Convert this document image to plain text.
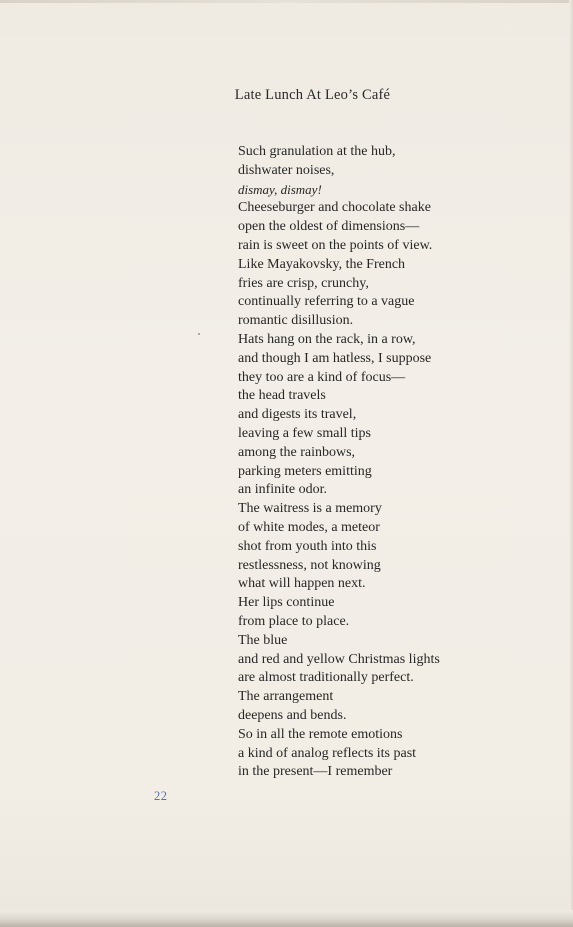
Late Lunch At Leo’s Café
Such granulation at the hub,
dishwater noises,
dismay, dismay!
Cheeseburger and chocolate shake
open the oldest of dimensions—
rain is sweet on the points of view.
Like Mayakovsky, the French
fries are crisp, crunchy,
continually referring to a vague
romantic disillusion.
Hats hang on the rack, in a row,
and though I am hatless, I suppose
they too are a kind of focus—
the head travels
and digests its travel,
leaving a few small tips
among the rainbows,
parking meters emitting
an infinite odor.
The waitress is a memory
of white modes, a meteor
shot from youth into this
restlessness, not knowing
what will happen next.
Her lips continue
from place to place.
The blue
and red and yellow Christmas lights
are almost traditionally perfect.
The arrangement
deepens and bends.
So in all the remote emotions
a kind of analog reflects its past
in the present—I remember
22
